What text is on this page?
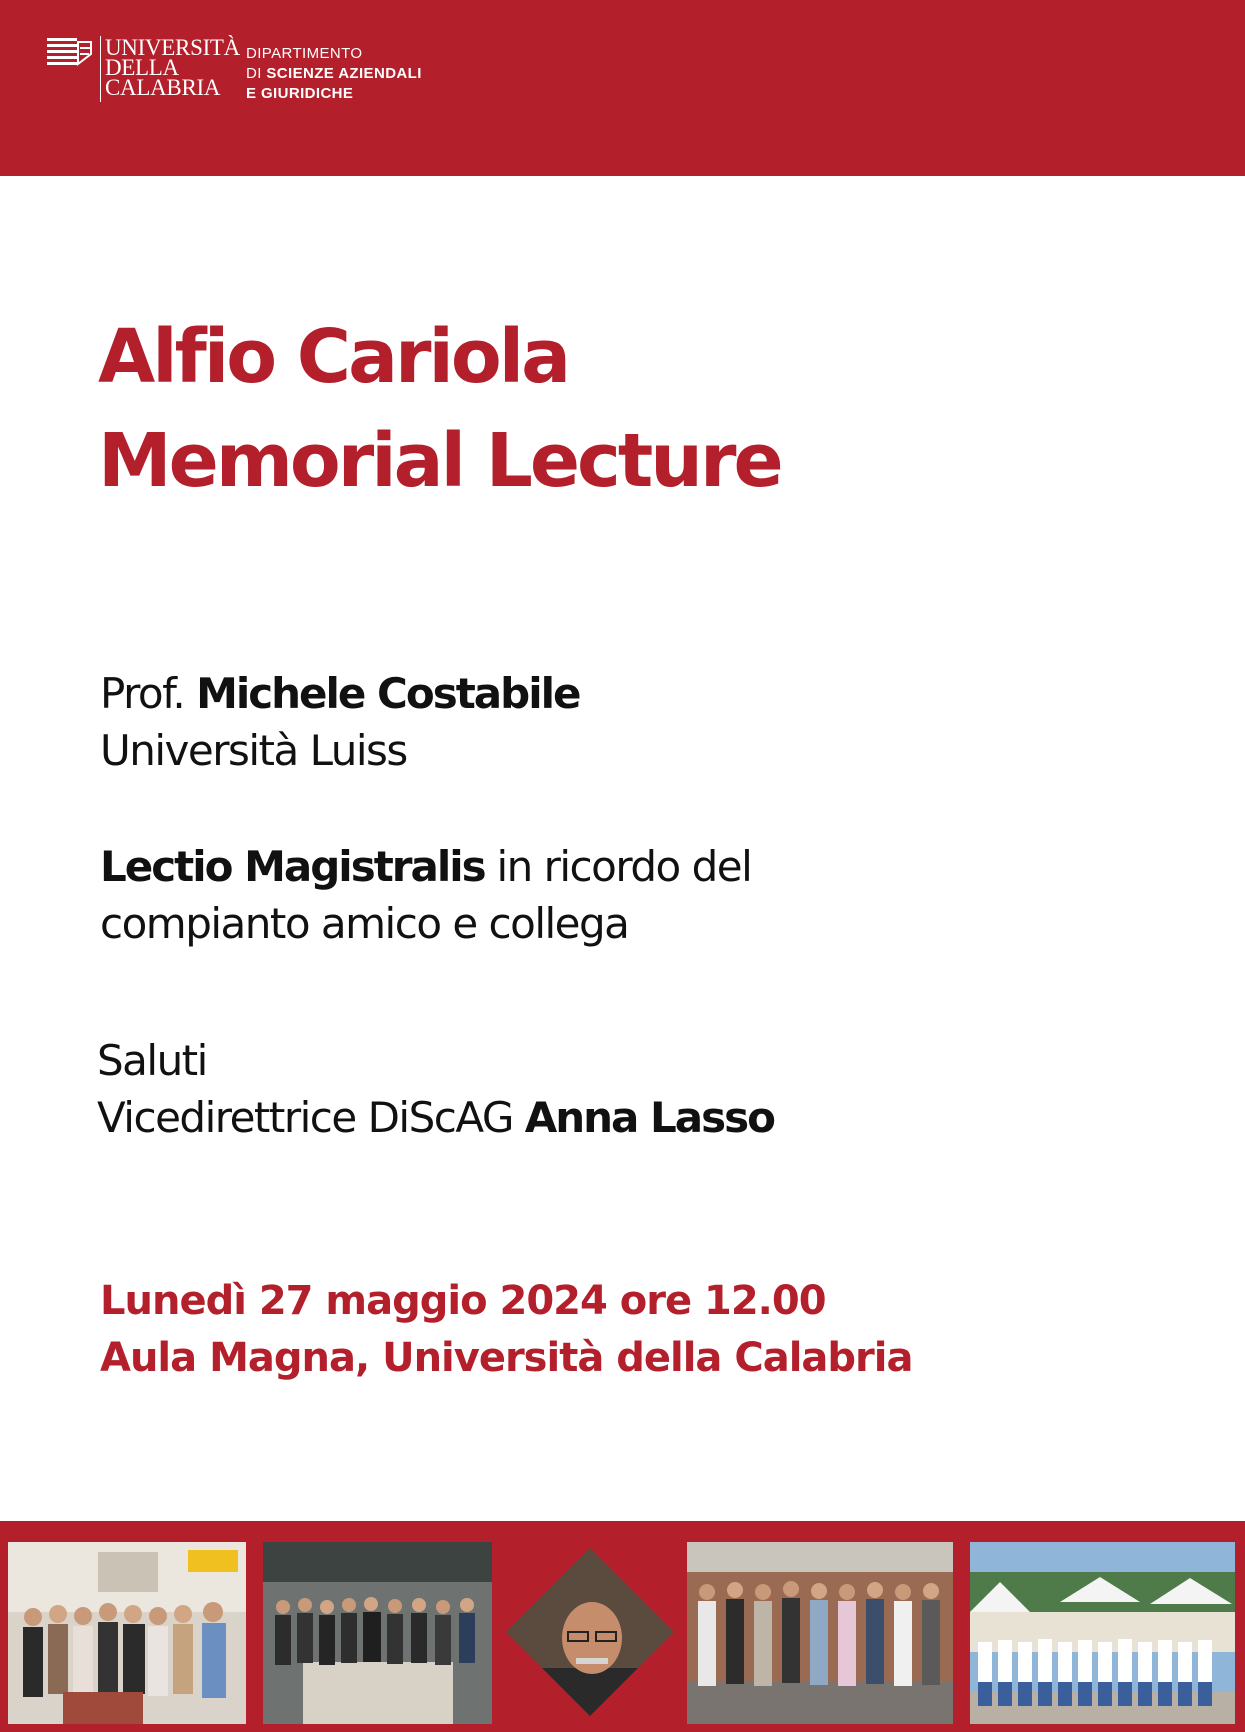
UNIVERSITÀ
DELLA
CALABRIA
DIPARTIMENTO
DI SCIENZE AZIENDALI
E GIURIDICHE
Alfio Cariola
Memorial Lecture
Prof. Michele Costabile
Università Luiss
Lectio Magistralis in ricordo del
compianto amico e collega
Saluti
Vicedirettrice DiScAG Anna Lasso
Lunedì 27 maggio 2024 ore 12.00
Aula Magna, Università della Calabria
